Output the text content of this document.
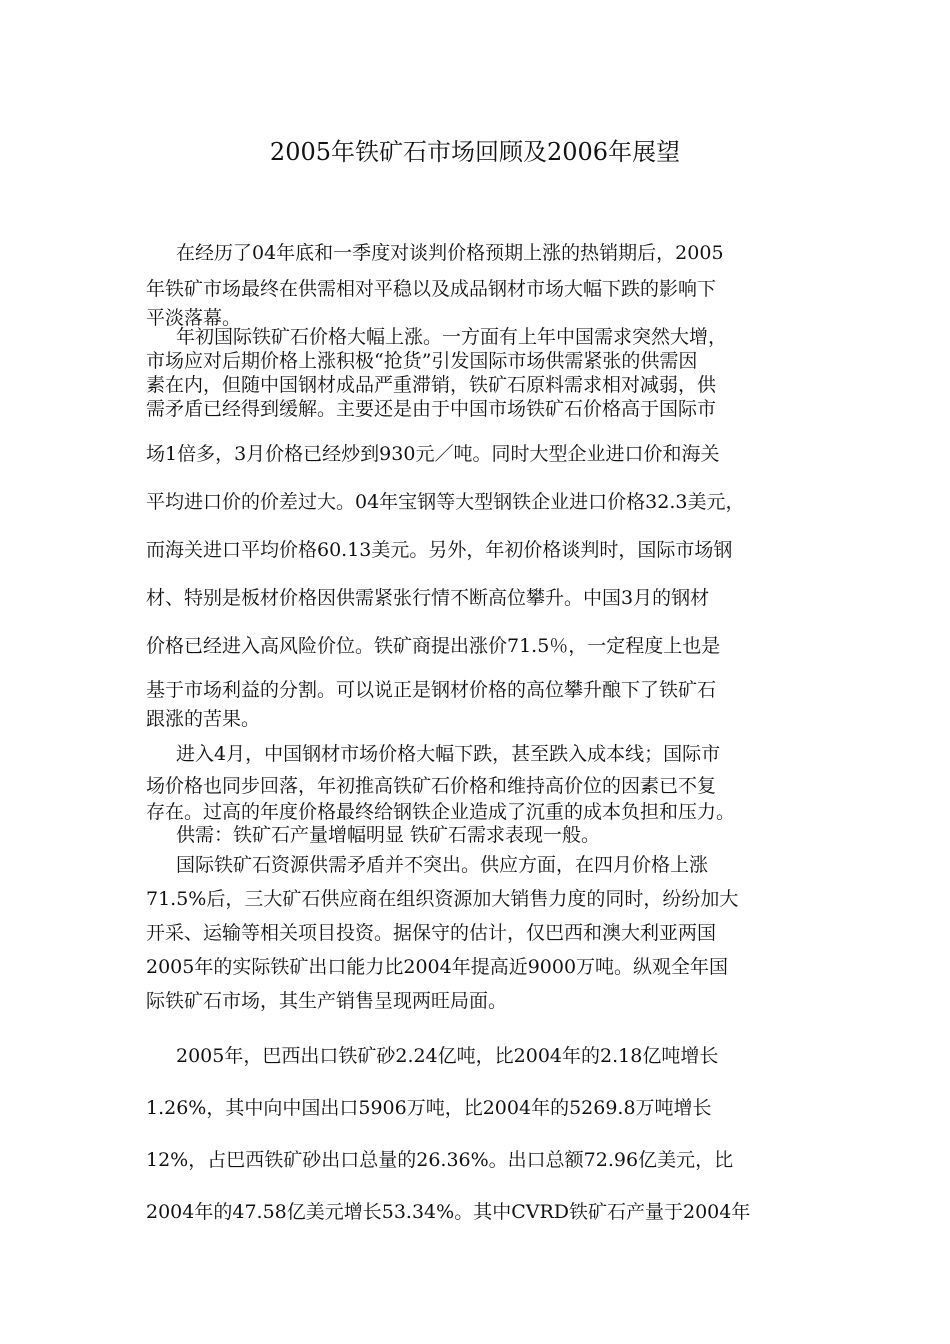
2005年铁矿石市场回顾及2006年展望
在经历了04年底和一季度对谈判价格预期上涨的热销期后，2005
年铁矿市场最终在供需相对平稳以及成品钢材市场大幅下跌的影响下
平淡落幕。
年初国际铁矿石价格大幅上涨。一方面有上年中国需求突然大增，
市场应对后期价格上涨积极“抢货”引发国际市场供需紧张的供需因
素在内，但随中国钢材成品严重滞销，铁矿石原料需求相对减弱，供
需矛盾已经得到缓解。主要还是由于中国市场铁矿石价格高于国际市
场1倍多，3月价格已经炒到930元／吨。同时大型企业进口价和海关
平均进口价的价差过大。04年宝钢等大型钢铁企业进口价格32.3美元，
而海关进口平均价格60.13美元。另外，年初价格谈判时，国际市场钢
材、特别是板材价格因供需紧张行情不断高位攀升。中国3月的钢材
价格已经进入高风险价位。铁矿商提出涨价71.5％，一定程度上也是
基于市场利益的分割。可以说正是钢材价格的高位攀升酿下了铁矿石
跟涨的苦果。
进入4月，中国钢材市场价格大幅下跌，甚至跌入成本线；国际市
场价格也同步回落，年初推高铁矿石价格和维持高价位的因素已不复
存在。过高的年度价格最终给钢铁企业造成了沉重的成本负担和压力。
供需：铁矿石产量增幅明显 铁矿石需求表现一般。
国际铁矿石资源供需矛盾并不突出。供应方面，在四月价格上涨
71.5%后，三大矿石供应商在组织资源加大销售力度的同时，纷纷加大
开采、运输等相关项目投资。据保守的估计，仅巴西和澳大利亚两国
2005年的实际铁矿出口能力比2004年提高近9000万吨。纵观全年国
际铁矿石市场，其生产销售呈现两旺局面。
2005年，巴西出口铁矿砂2.24亿吨，比2004年的2.18亿吨增长
1.26%，其中向中国出口5906万吨，比2004年的5269.8万吨增长
12%，占巴西铁矿砂出口总量的26.36%。出口总额72.96亿美元，比
2004年的47.58亿美元增长53.34%。其中CVRD铁矿石产量于2004年
